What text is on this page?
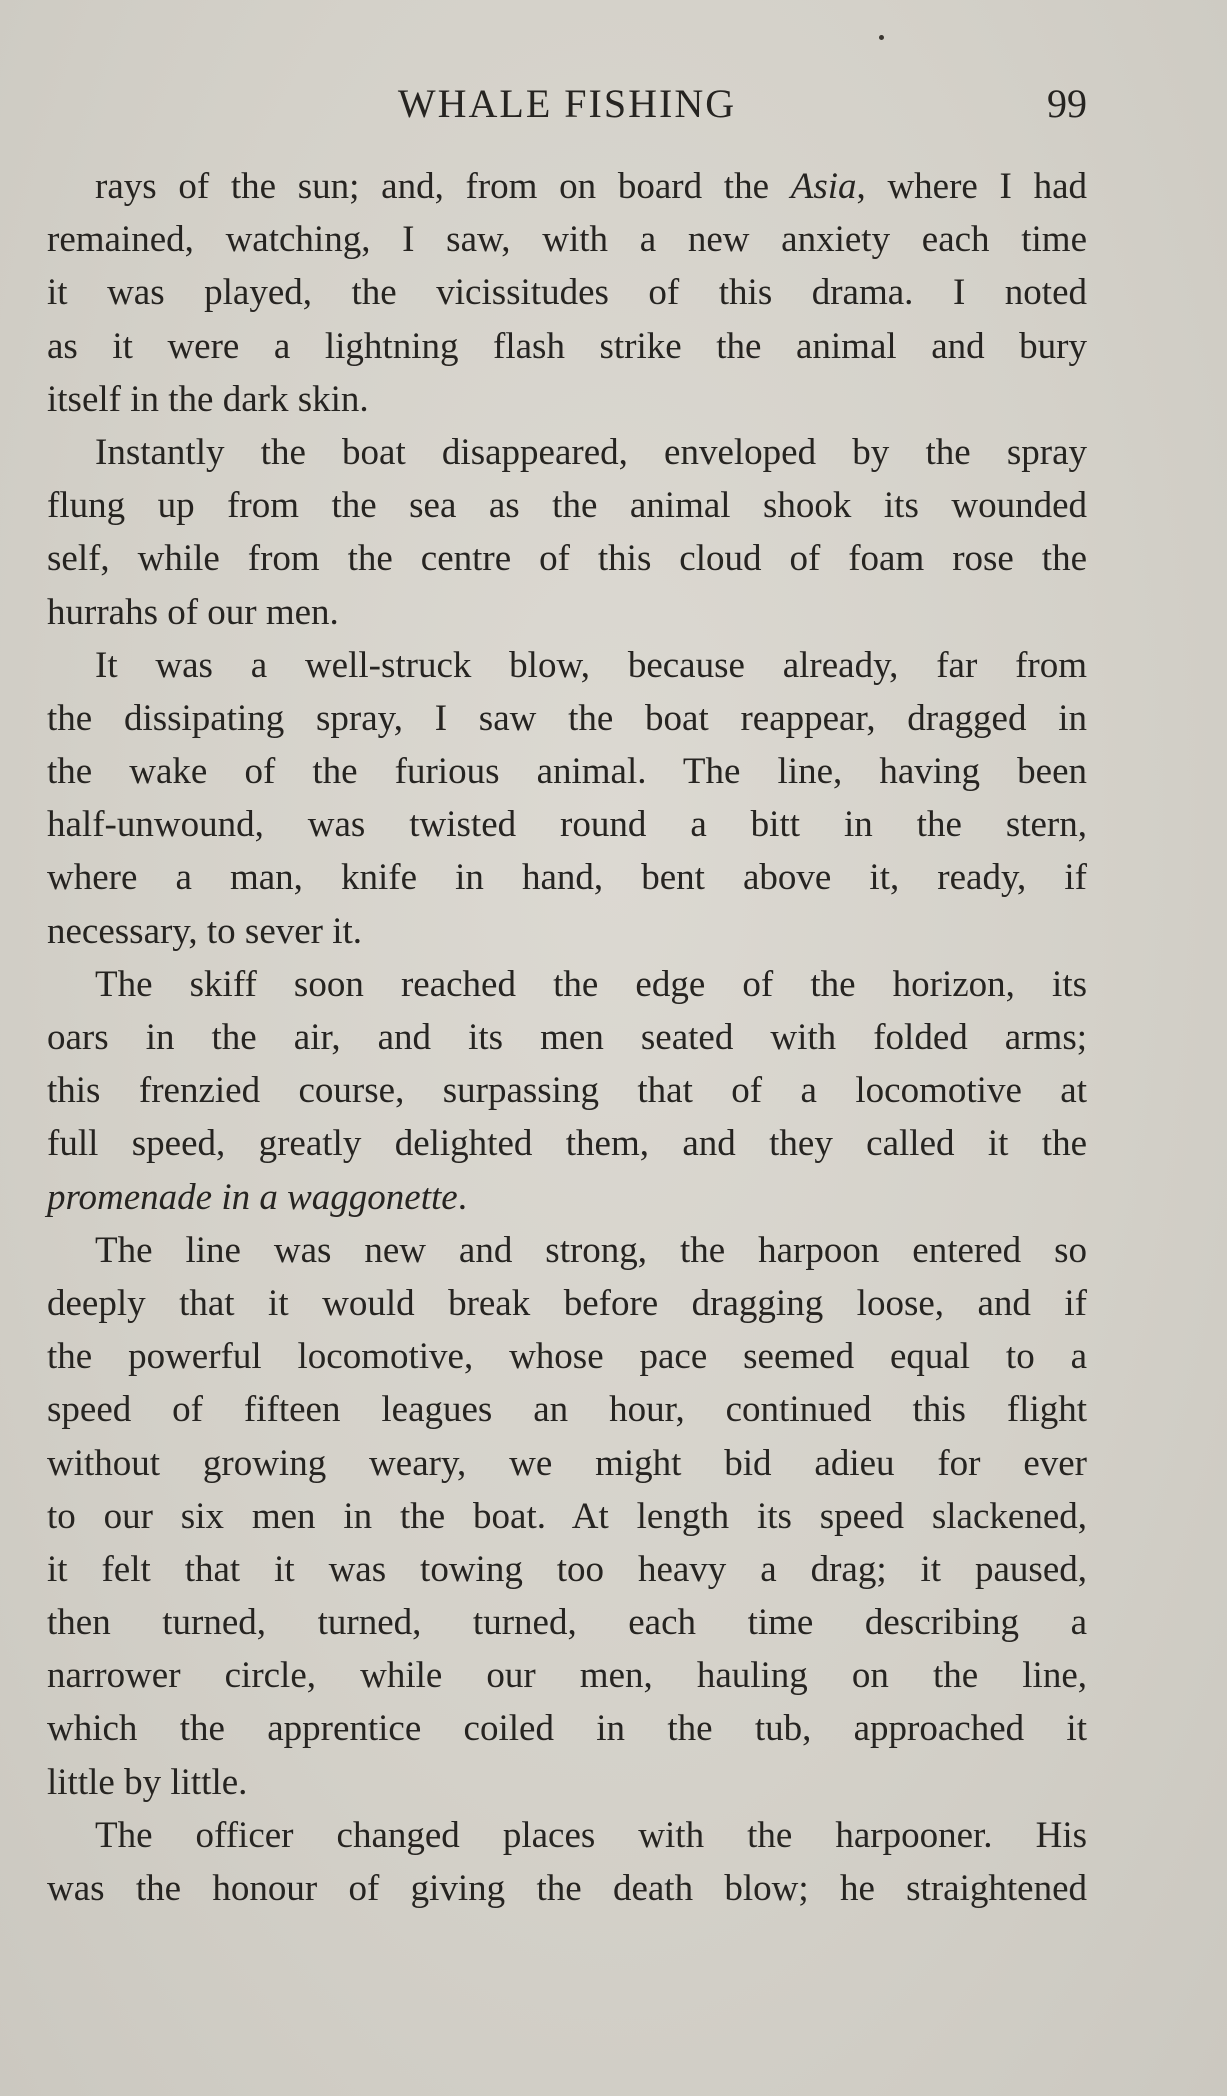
WHALE FISHING	99
rays of the sun; and, from on board the Asia, where I had
remained, watching, I saw, with a new anxiety each time
it was played, the vicissitudes of this drama. I noted
as it were a lightning flash strike the animal and bury
itself in the dark skin.
Instantly the boat disappeared, enveloped by the spray
flung up from the sea as the animal shook its wounded
self, while from the centre of this cloud of foam rose the
hurrahs of our men.
It was a well-struck blow, because already, far from
the dissipating spray, I saw the boat reappear, dragged in
the wake of the furious animal. The line, having been
half-unwound, was twisted round a bitt in the stern,
where a man, knife in hand, bent above it, ready, if
necessary, to sever it.
The skiff soon reached the edge of the horizon, its
oars in the air, and its men seated with folded arms;
this frenzied course, surpassing that of a locomotive at
full speed, greatly delighted them, and they called it the
promenade in a waggonette.
The line was new and strong, the harpoon entered so
deeply that it would break before dragging loose, and if
the powerful locomotive, whose pace seemed equal to a
speed of fifteen leagues an hour, continued this flight
without growing weary, we might bid adieu for ever
to our six men in the boat. At length its speed slackened,
it felt that it was towing too heavy a drag; it paused,
then turned, turned, turned, each time describing a
narrower circle, while our men, hauling on the line,
which the apprentice coiled in the tub, approached it
little by little.
The officer changed places with the harpooner. His
was the honour of giving the death blow; he straightened
